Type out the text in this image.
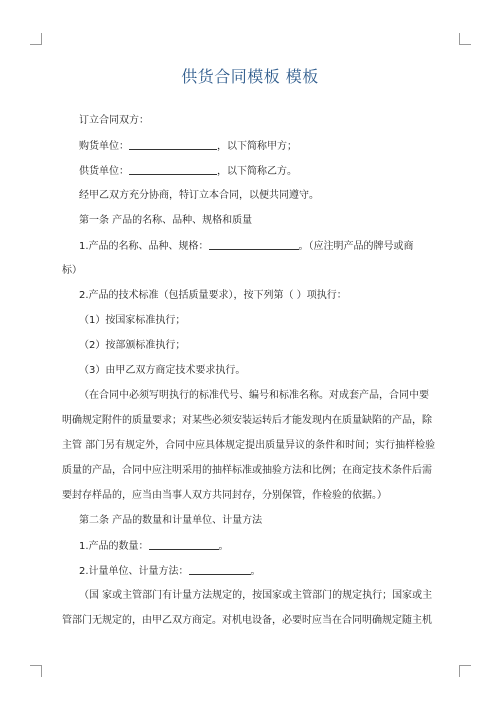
供货合同模板 模板
订立合同双方：
购货单位：	，以下简称甲方；
供货单位：	，以下简称乙方。
经甲乙双方充分协商，特订立本合同，以便共同遵守。
第一条 产品的名称、品种、规格和质量
1.产品的名称、品种、规格：	。（应注明产品的牌号或商
标）
2.产品的技术标准（包括质量要求），按下列第（ ）项执行：
（1）按国家标准执行；
（2）按部颁标准执行；
（3）由甲乙双方商定技术要求执行。
（在合同中必须写明执行的标准代号、编号和标准名称。对成套产品，合同中要
明确规定附件的质量要求；对某些必须安装运转后才能发现内在质量缺陷的产品，除
主管 部门另有规定外，合同中应具体规定提出质量异议的条件和时间；实行抽样检验
质量的产品，合同中应注明采用的抽样标准或抽验方法和比例；在商定技术条件后需
要封存样品的，应当由当事人双方共同封存，分别保管，作检验的依据。）
第二条 产品的数量和计量单位、计量方法
1.产品的数量：	。
2.计量单位、计量方法：	。
（国 家或主管部门有计量方法规定的，按国家或主管部门的规定执行；国家或主
管部门无规定的，由甲乙双方商定。对机电设备，必要时应当在合同明确规定随主机
